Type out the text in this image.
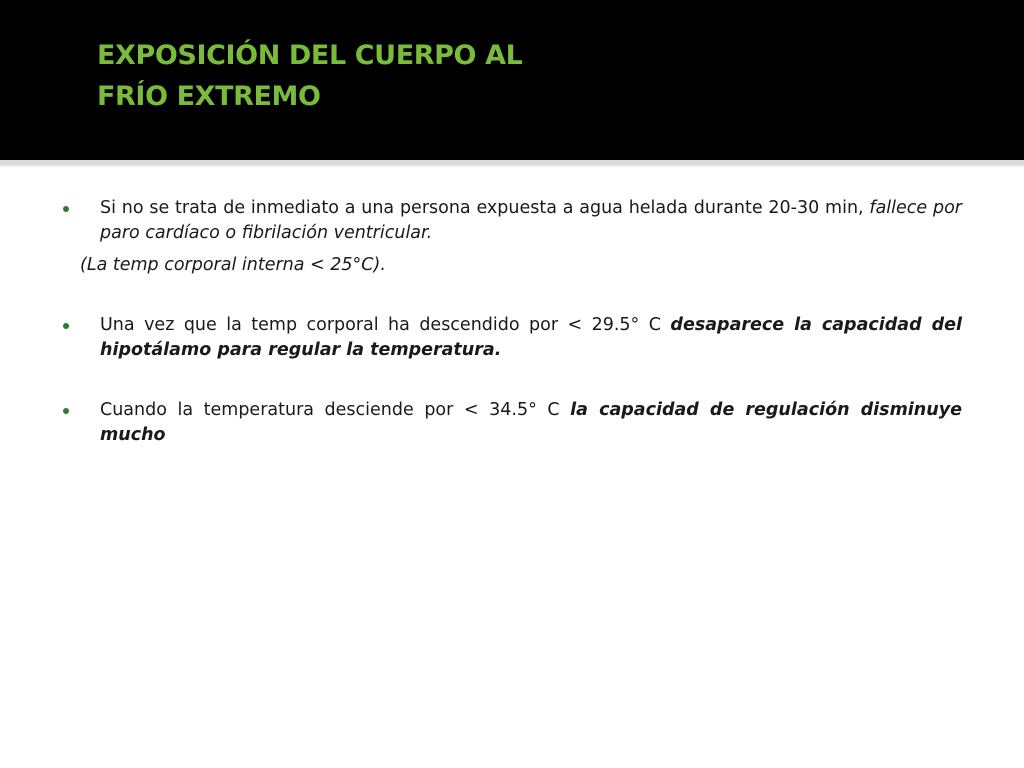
EXPOSICIÓN DEL CUERPO AL
FRÍO EXTREMO

Si no se trata de inmediato a una persona expuesta a agua helada durante 20-30 min, fallece por paro cardíaco o fibrilación ventricular.

(La temp corporal interna < 25°C).

Una vez que la temp corporal ha descendido por < 29.5° C desaparece la capacidad del hipotálamo para regular la temperatura.

Cuando la temperatura desciende por < 34.5° C la capacidad de regulación disminuye mucho
